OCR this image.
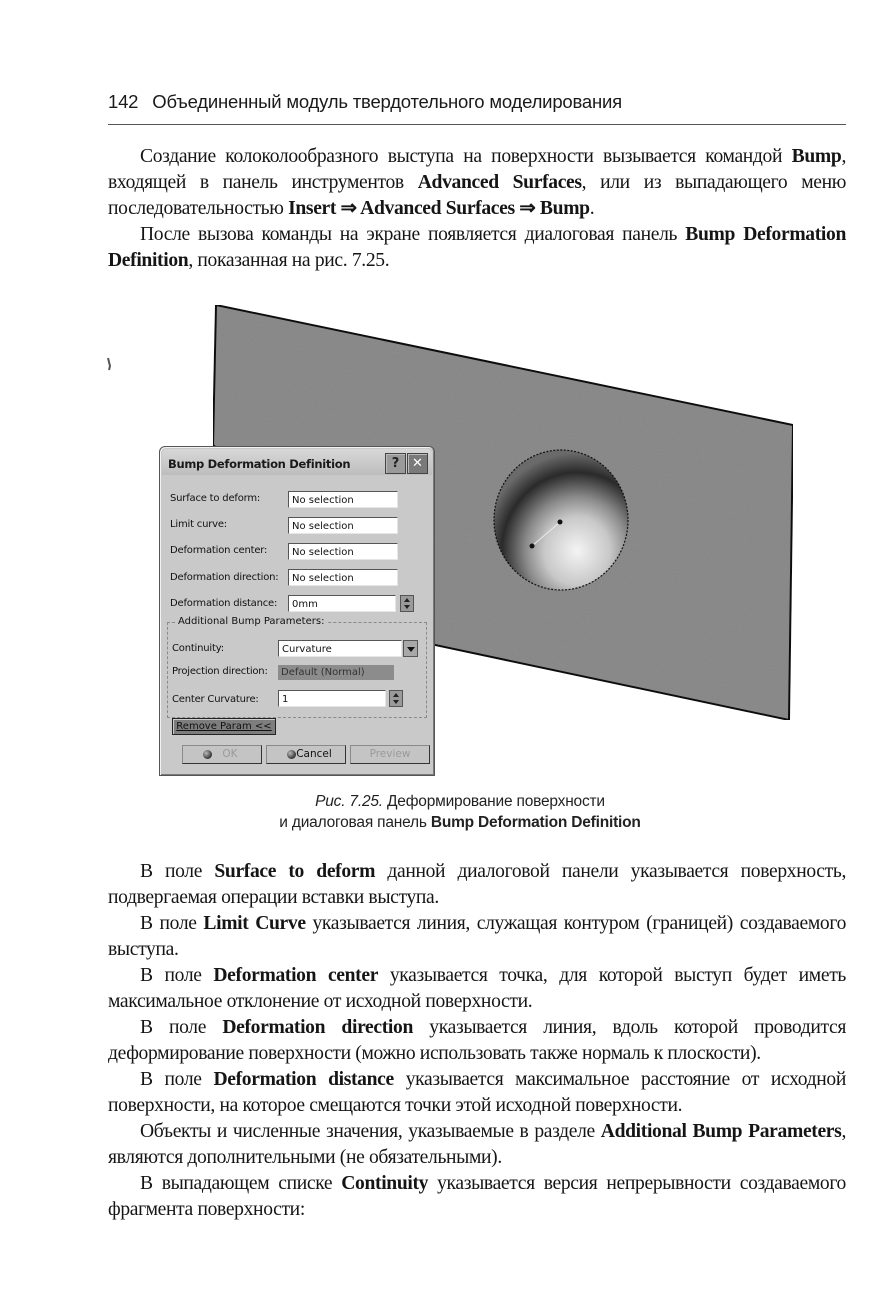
142 Объединенный модуль твердотельного моделирования

Создание колоколообразного выступа на поверхности вызывается командой Bump, входящей в панель инструментов Advanced Surfaces, или из выпадающего меню последовательностью Insert ⇒ Advanced Surfaces ⇒ Bump.

После вызова команды на экране появляется диалоговая панель Bump Deformation Definition, показанная на рис. 7.25.

Bump Deformation Definition	? ✕
Surface to deform:	No selection
Limit curve:	No selection
Deformation center:	No selection
Deformation direction:	No selection
Deformation distance:	0mm
Additional Bump Parameters:
Continuity:	Curvature
Projection direction:	Default (Normal)
Center Curvature:	1
Remove Param <<
OK	Cancel	Preview
Рис. 7.25. Деформирование поверхности
и диалоговая панель Bump Deformation Definition

В поле Surface to deform данной диалоговой панели указывается поверхность, подвергаемая операции вставки выступа.

В поле Limit Curve указывается линия, служащая контуром (границей) создаваемого выступа.

В поле Deformation center указывается точка, для которой выступ будет иметь максимальное отклонение от исходной поверхности.

В поле Deformation direction указывается линия, вдоль которой проводится деформирование поверхности (можно использовать также нормаль к плоскости).

В поле Deformation distance указывается максимальное расстояние от исходной поверхности, на которое смещаются точки этой исходной поверхности.

Объекты и численные значения, указываемые в разделе Additional Bump Parameters, являются дополнительными (не обязательными).

В выпадающем списке Continuity указывается версия непрерывности создаваемого фрагмента поверхности:
